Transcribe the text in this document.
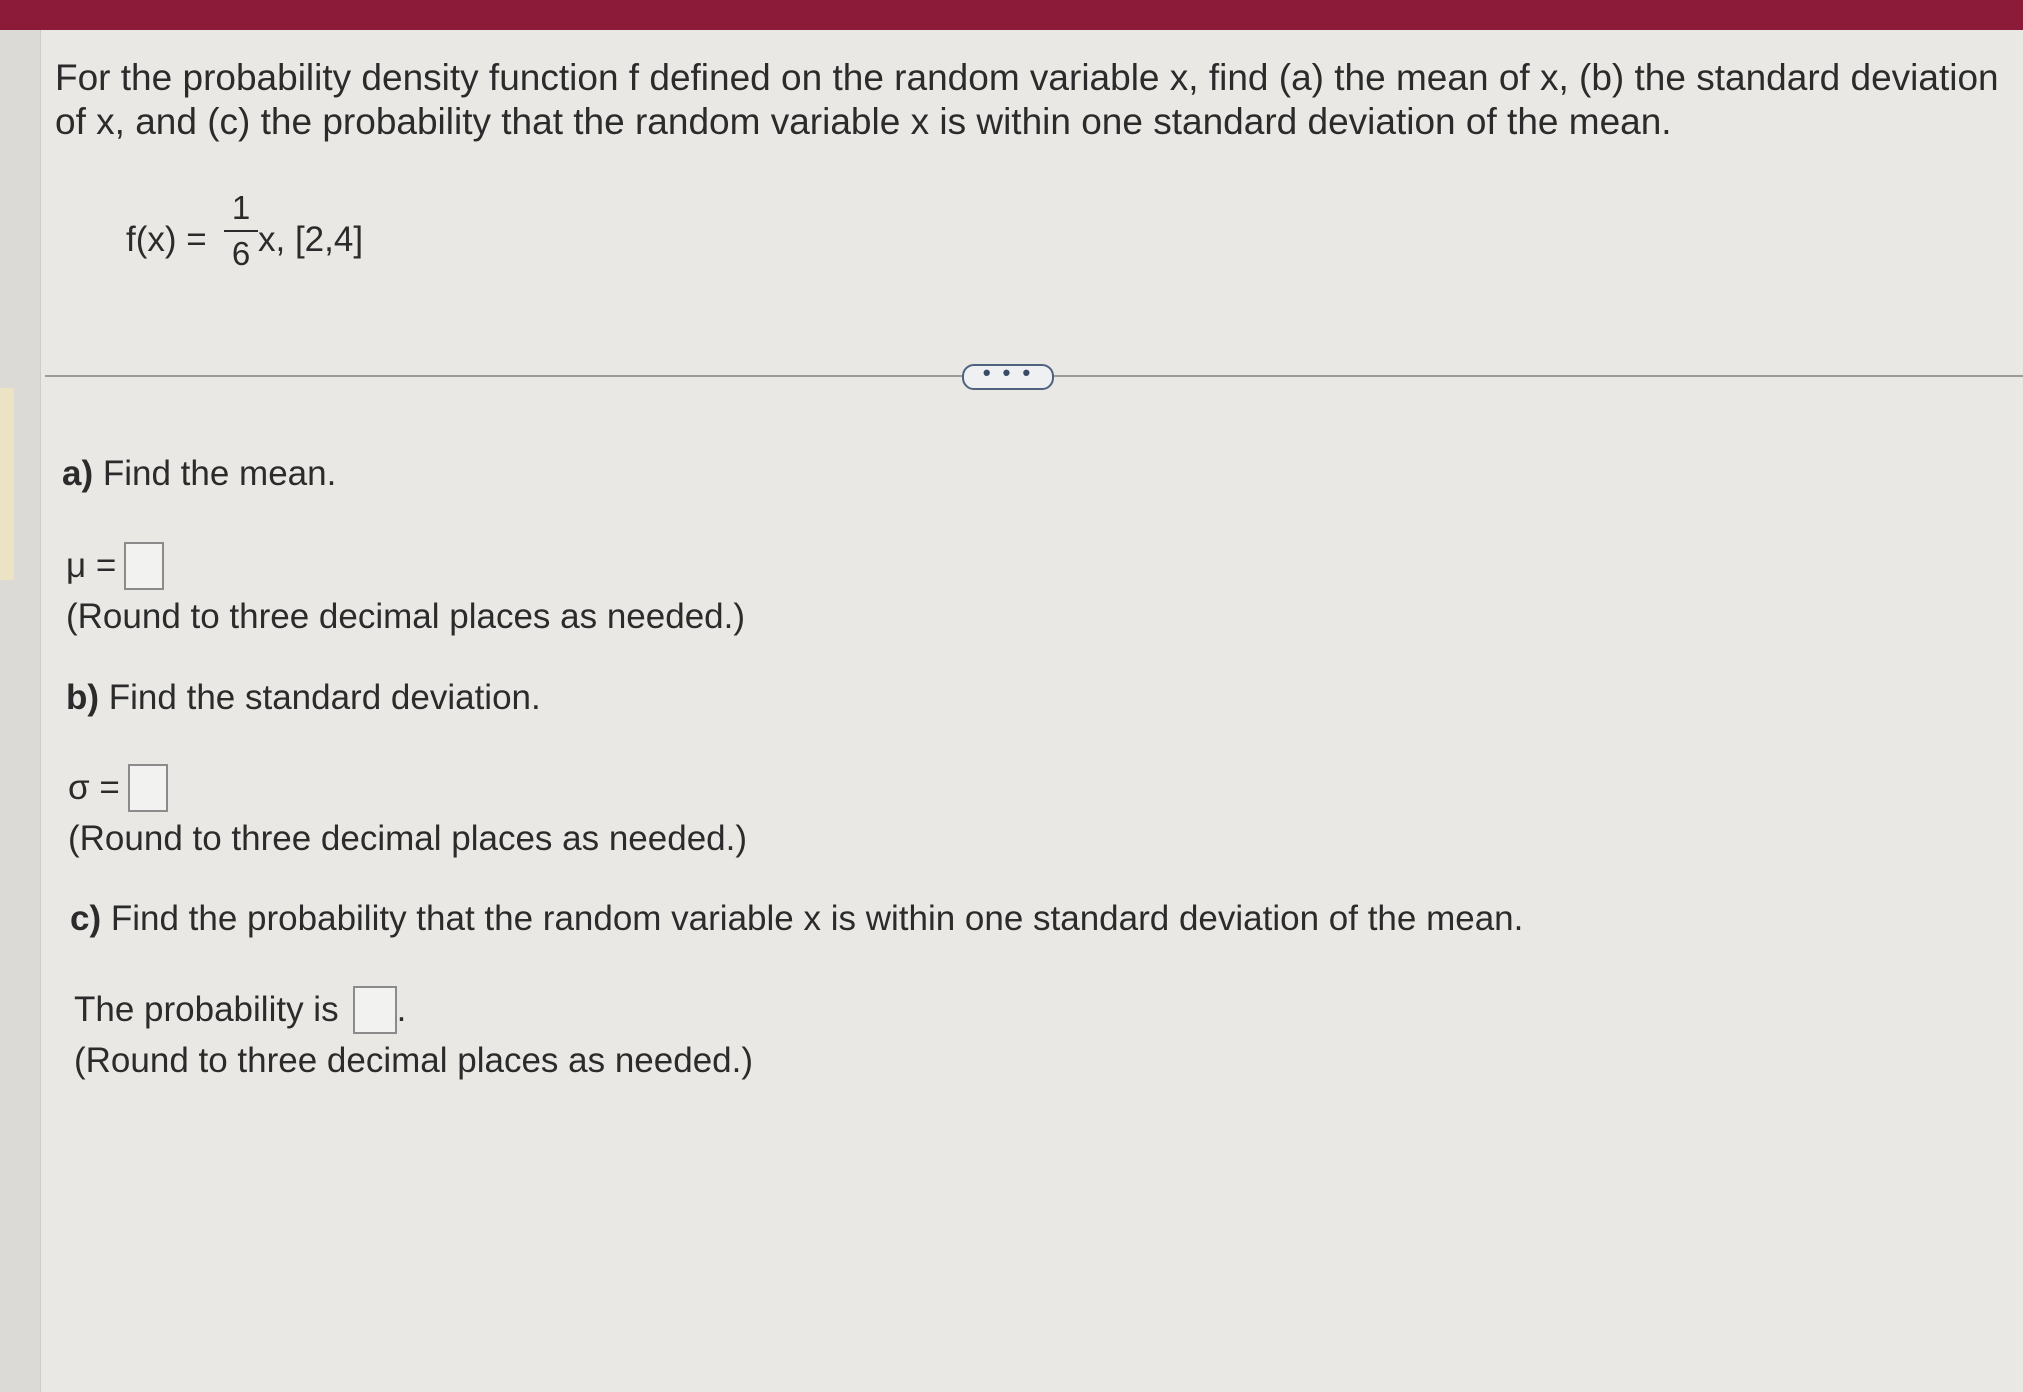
For the probability density function f defined on the random variable x, find (a) the mean of x, (b) the standard deviation of x, and (c) the probability that the random variable x is within one standard deviation of the mean.
f(x) =
1
6 x, [2,4]
• • •
a) Find the mean.
μ =
(Round to three decimal places as needed.)
b) Find the standard deviation.
σ =
(Round to three decimal places as needed.)
c) Find the probability that the random variable x is within one standard deviation of the mean.
The probability is .
(Round to three decimal places as needed.)
